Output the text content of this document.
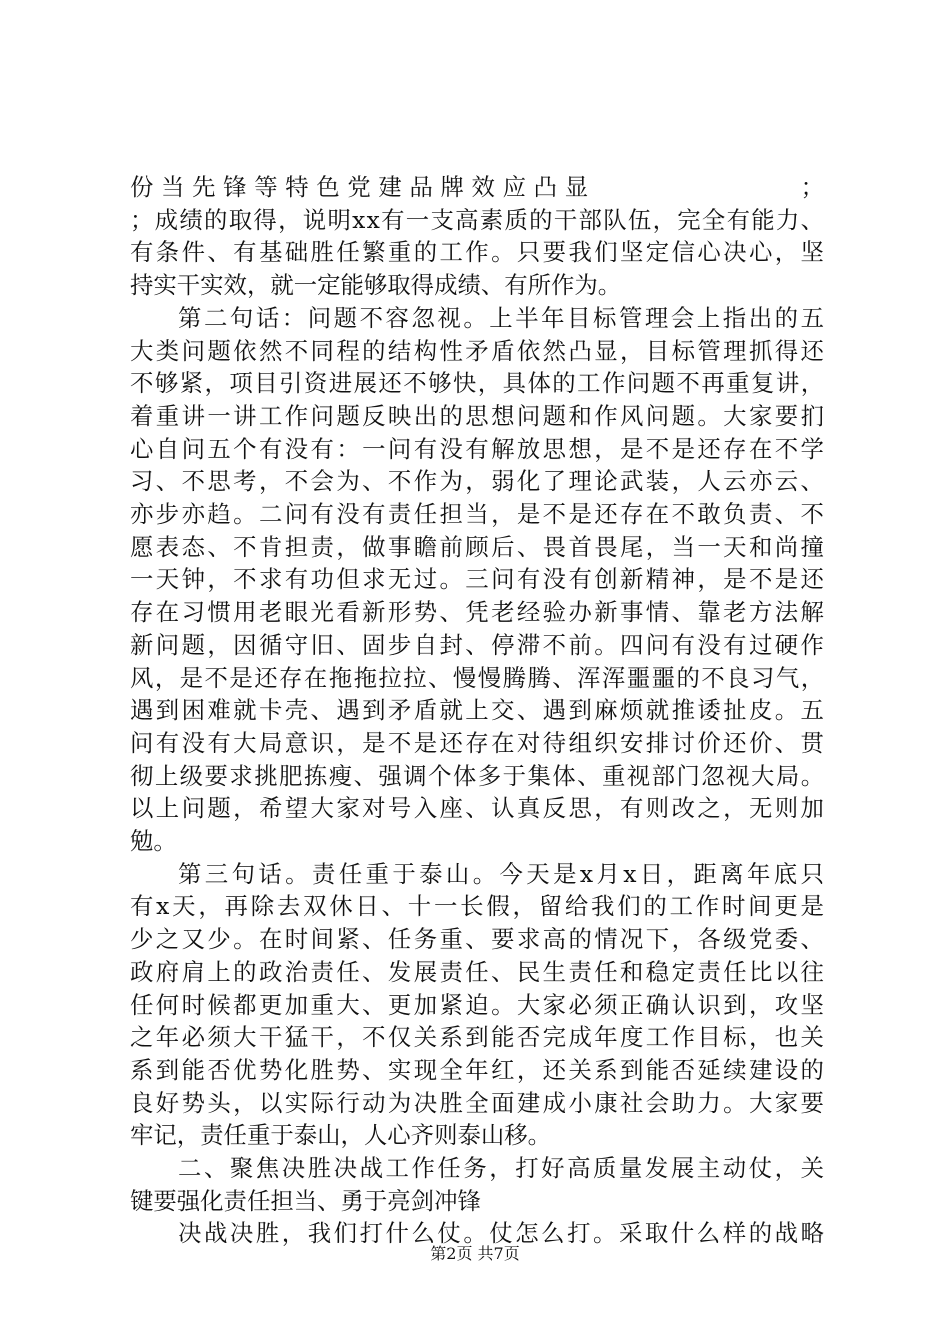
份当先锋等特色党建品牌效应凸显	；
；成绩的取得，说明xx有一支高素质的干部队伍，完全有能力、
有条件、有基础胜任繁重的工作。只要我们坚定信心决心，坚
持实干实效，就一定能够取得成绩、有所作为。
第二句话：问题不容忽视。上半年目标管理会上指出的五
大类问题依然不同程的结构性矛盾依然凸显，目标管理抓得还
不够紧，项目引资进展还不够快，具体的工作问题不再重复讲，
着重讲一讲工作问题反映出的思想问题和作风问题。大家要扪
心自问五个有没有：一问有没有解放思想，是不是还存在不学
习、不思考，不会为、不作为，弱化了理论武装，人云亦云、
亦步亦趋。二问有没有责任担当，是不是还存在不敢负责、不
愿表态、不肯担责，做事瞻前顾后、畏首畏尾，当一天和尚撞
一天钟，不求有功但求无过。三问有没有创新精神，是不是还
存在习惯用老眼光看新形势、凭老经验办新事情、靠老方法解
新问题，因循守旧、固步自封、停滞不前。四问有没有过硬作
风，是不是还存在拖拖拉拉、慢慢腾腾、浑浑噩噩的不良习气，
遇到困难就卡壳、遇到矛盾就上交、遇到麻烦就推诿扯皮。五
问有没有大局意识，是不是还存在对待组织安排讨价还价、贯
彻上级要求挑肥拣瘦、强调个体多于集体、重视部门忽视大局。
以上问题，希望大家对号入座、认真反思，有则改之，无则加
勉。
第三句话。责任重于泰山。今天是x月x日，距离年底只
有x天，再除去双休日、十一长假，留给我们的工作时间更是
少之又少。在时间紧、任务重、要求高的情况下，各级党委、
政府肩上的政治责任、发展责任、民生责任和稳定责任比以往
任何时候都更加重大、更加紧迫。大家必须正确认识到，攻坚
之年必须大干猛干，不仅关系到能否完成年度工作目标，也关
系到能否优势化胜势、实现全年红，还关系到能否延续建设的
良好势头，以实际行动为决胜全面建成小康社会助力。大家要
牢记，责任重于泰山，人心齐则泰山移。
二、聚焦决胜决战工作任务，打好高质量发展主动仗，关
键要强化责任担当、勇于亮剑冲锋
决战决胜，我们打什么仗。仗怎么打。采取什么样的战略
第2页 共7页
